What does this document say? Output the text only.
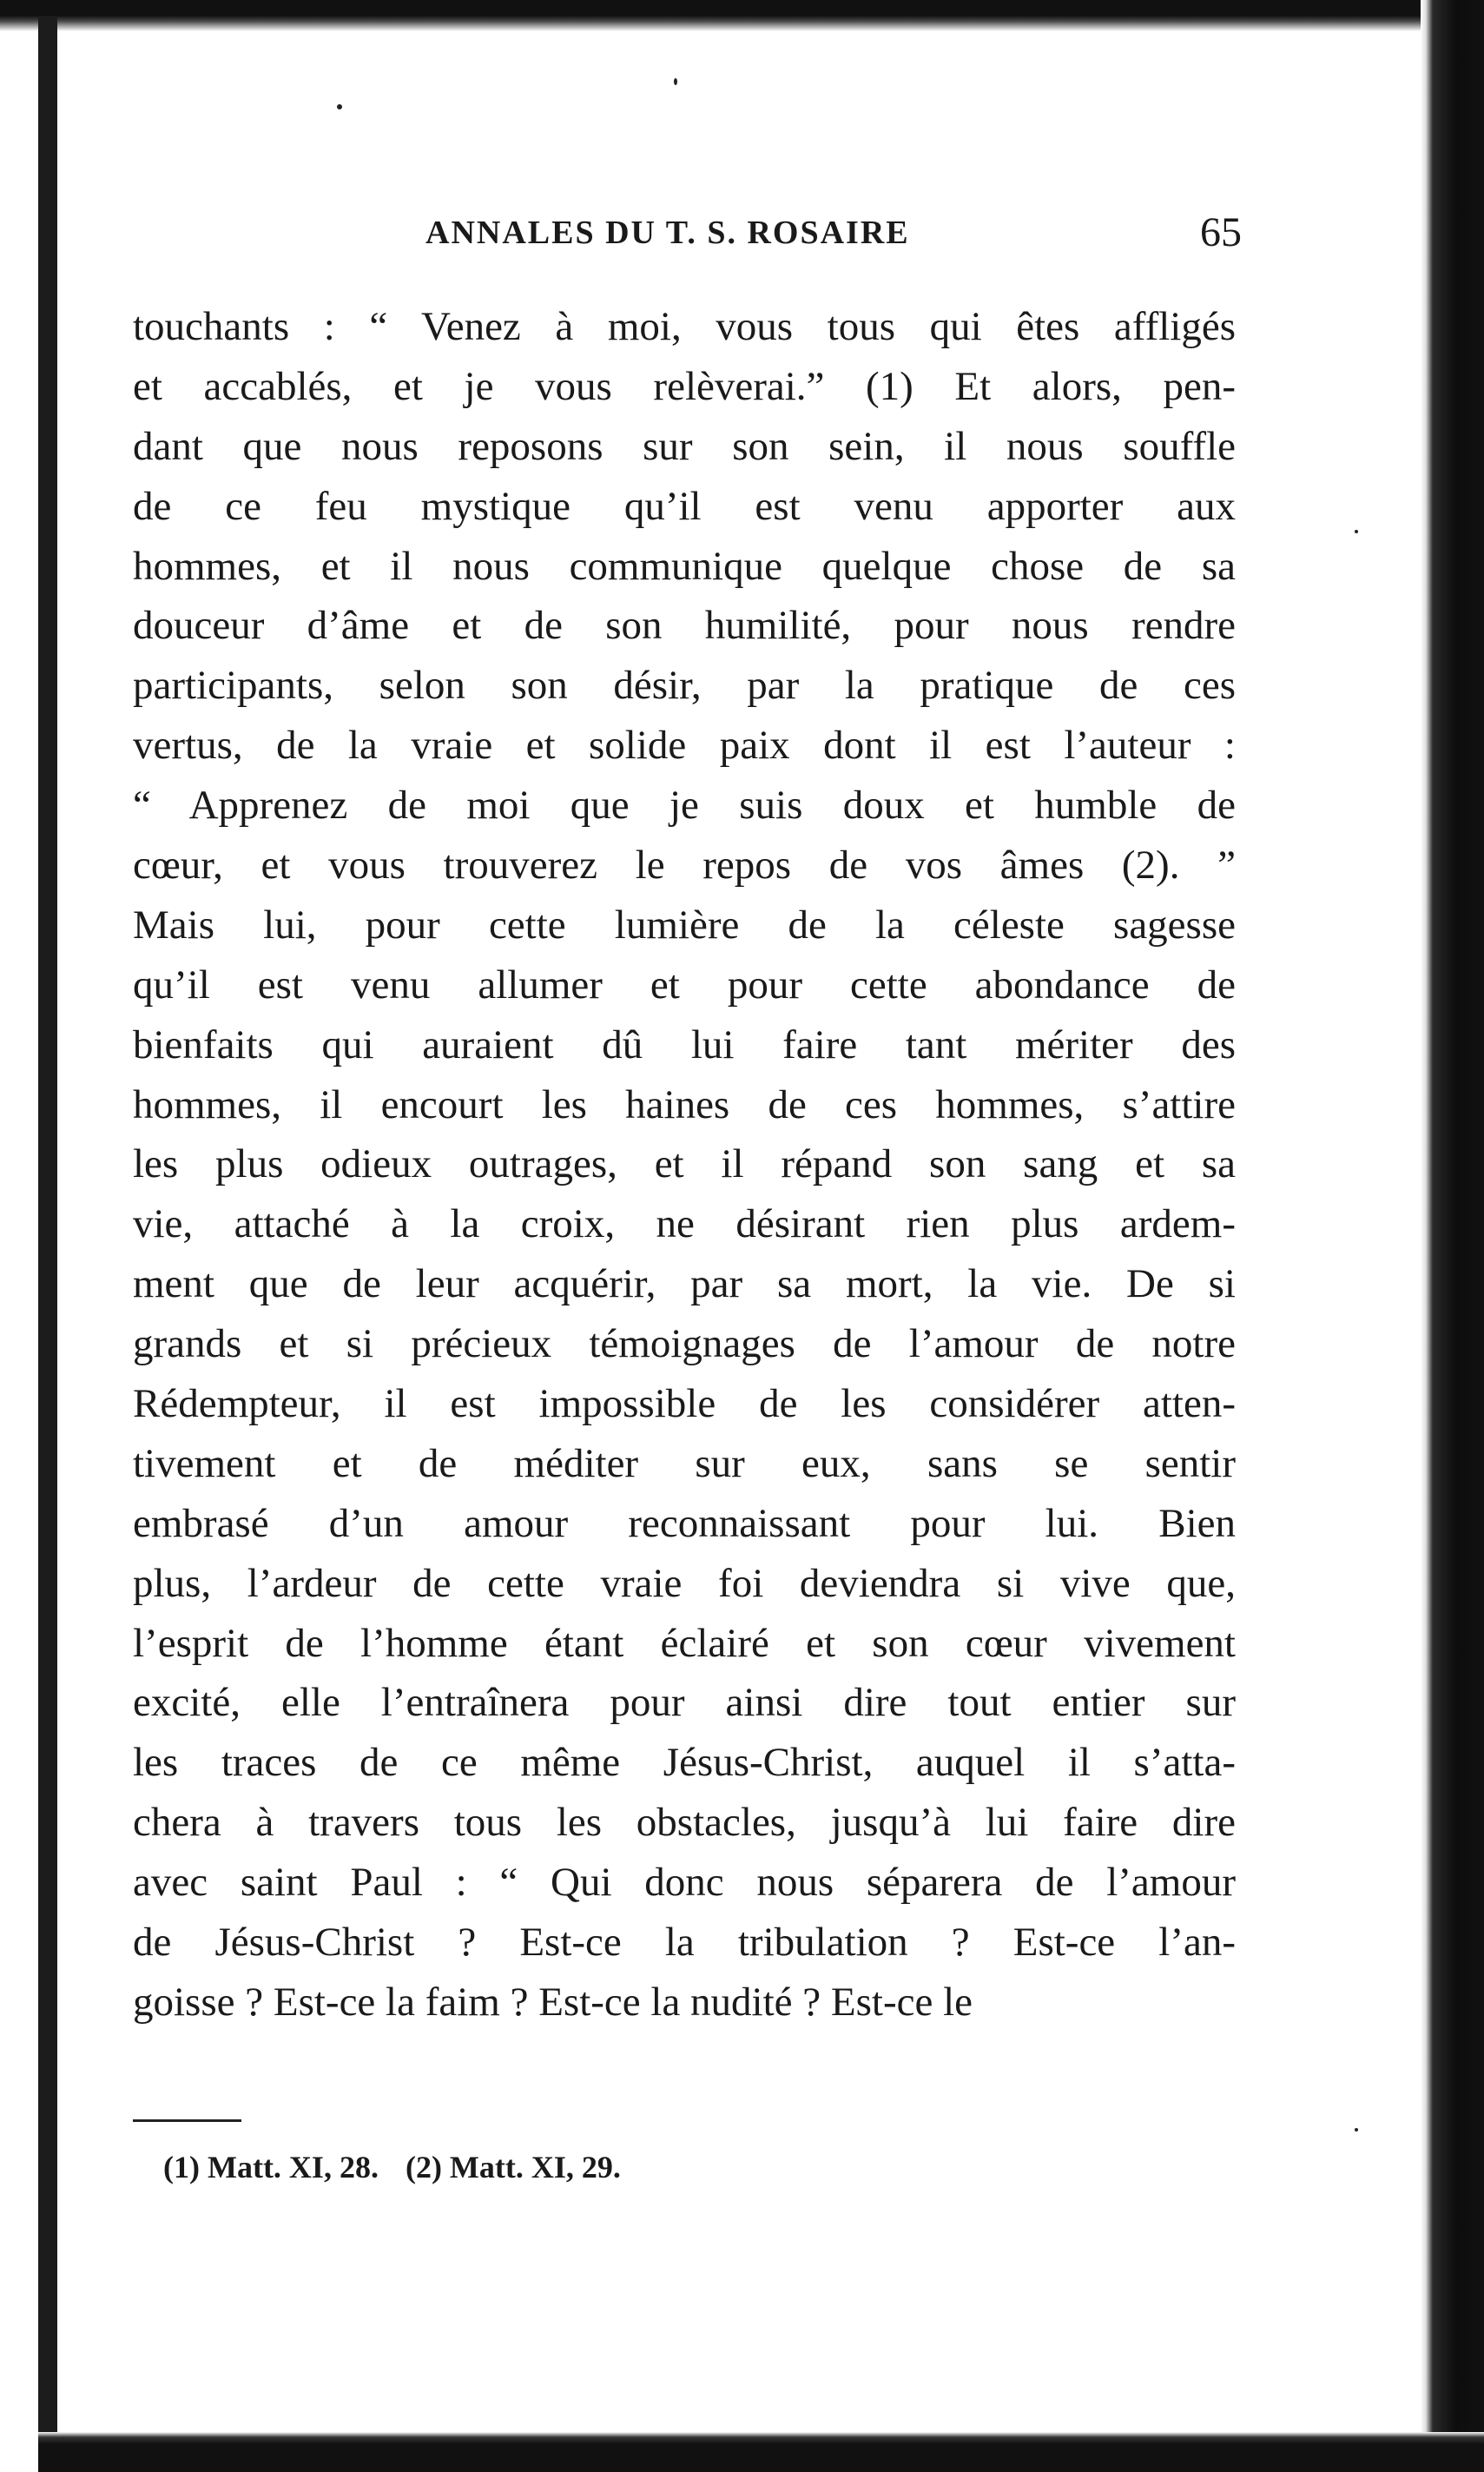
ANNALES DU T. S. ROSAIRE	65
touchants : “ Venez à moi, vous tous qui êtes affligés
et accablés, et je vous relèverai.” (1) Et alors, pen-
dant que nous reposons sur son sein, il nous souffle
de ce feu mystique qu’il est venu apporter aux
hommes, et il nous communique quelque chose de sa
douceur d’âme et de son humilité, pour nous rendre
participants, selon son désir, par la pratique de ces
vertus, de la vraie et solide paix dont il est l’auteur :
“ Apprenez de moi que je suis doux et humble de
cœur, et vous trouverez le repos de vos âmes (2). ”
Mais lui, pour cette lumière de la céleste sagesse
qu’il est venu allumer et pour cette abondance de
bienfaits qui auraient dû lui faire tant mériter des
hommes, il encourt les haines de ces hommes, s’attire
les plus odieux outrages, et il répand son sang et sa
vie, attaché à la croix, ne désirant rien plus ardem-
ment que de leur acquérir, par sa mort, la vie. De si
grands et si précieux témoignages de l’amour de notre
Rédempteur, il est impossible de les considérer atten-
tivement et de méditer sur eux, sans se sentir
embrasé d’un amour reconnaissant pour lui. Bien
plus, l’ardeur de cette vraie foi deviendra si vive que,
l’esprit de l’homme étant éclairé et son cœur vivement
excité, elle l’entraînera pour ainsi dire tout entier sur
les traces de ce même Jésus-Christ, auquel il s’atta-
chera à travers tous les obstacles, jusqu’à lui faire dire
avec saint Paul : “ Qui donc nous séparera de l’amour
de Jésus-Christ ? Est-ce la tribulation ? Est-ce l’an-
goisse ? Est-ce la faim ? Est-ce la nudité ? Est-ce le
(1) Matt. XI, 28. (2) Matt. XI, 29.
